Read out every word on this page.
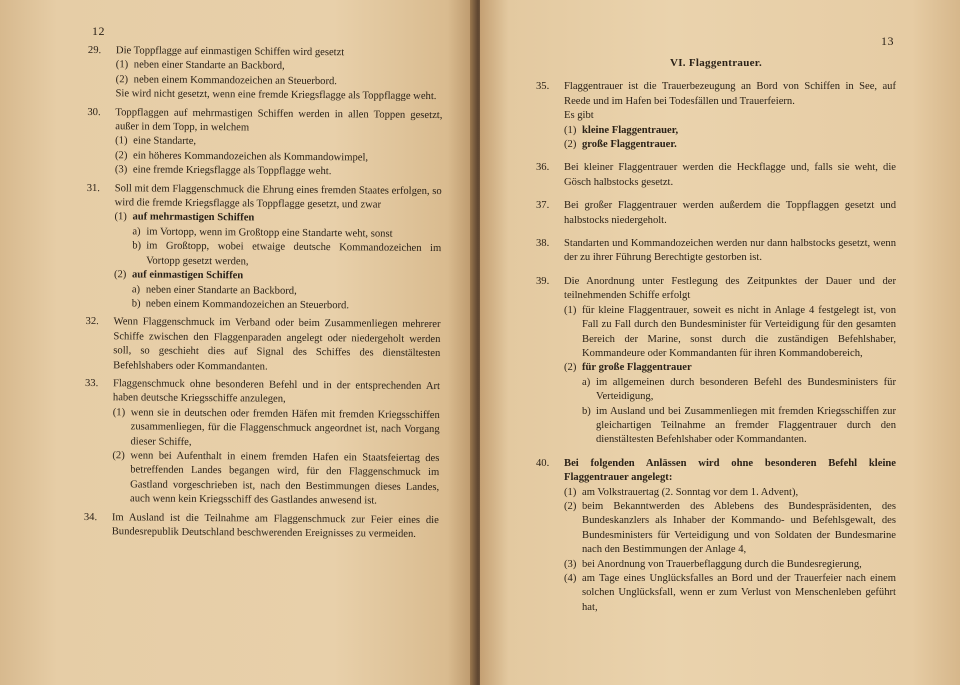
12
29.	Die Toppflagge auf einmastigen Schiffen wird gesetzt
(1) neben einer Standarte an Backbord,
(2) neben einem Kommandozeichen an Steuerbord.
Sie wird nicht gesetzt, wenn eine fremde Kriegsflagge als Toppflagge weht.
30.	Toppflaggen auf mehrmastigen Schiffen werden in allen Toppen gesetzt, außer in dem Topp, in welchem
(1) eine Standarte,
(2) ein höheres Kommandozeichen als Kommandowimpel,
(3) eine fremde Kriegsflagge als Toppflagge weht.
31.	Soll mit dem Flaggenschmuck die Ehrung eines fremden Staates erfolgen, so wird die fremde Kriegsflagge als Toppflagge gesetzt, und zwar
(1) auf mehrmastigen Schiffen
a) im Vortopp, wenn im Großtopp eine Standarte weht, sonst
b) im Großtopp, wobei etwaige deutsche Kommandozeichen im Vortopp gesetzt werden,
(2) auf einmastigen Schiffen
a) neben einer Standarte an Backbord,
b) neben einem Kommandozeichen an Steuerbord.
32.	Wenn Flaggenschmuck im Verband oder beim Zusammenliegen mehrerer Schiffe zwischen den Flaggenparaden angelegt oder niedergeholt werden soll, so geschieht dies auf Signal des Schiffes des dienstältesten Befehlshabers oder Kommandanten.
33.	Flaggenschmuck ohne besonderen Befehl und in der entsprechenden Art haben deutsche Kriegsschiffe anzulegen,
(1) wenn sie in deutschen oder fremden Häfen mit fremden Kriegsschiffen zusammenliegen, für die Flaggenschmuck angeordnet ist, nach Vorgang dieser Schiffe,
(2) wenn bei Aufenthalt in einem fremden Hafen ein Staatsfeiertag des betreffenden Landes begangen wird, für den Flaggenschmuck im Gastland vorgeschrieben ist, nach den Bestimmungen dieses Landes, auch wenn kein Kriegsschiff des Gastlandes anwesend ist.
34.	Im Ausland ist die Teilnahme am Flaggenschmuck zur Feier eines die Bundesrepublik Deutschland beschwerenden Ereignisses zu vermeiden.
13
VI. Flaggentrauer.
35.	Flaggentrauer ist die Trauerbezeugung an Bord von Schiffen in See, auf Reede und im Hafen bei Todesfällen und Trauerfeiern.
Es gibt
(1) kleine Flaggentrauer,
(2) große Flaggentrauer.
36.	Bei kleiner Flaggentrauer werden die Heckflagge und, falls sie weht, die Gösch halbstocks gesetzt.
37.	Bei großer Flaggentrauer werden außerdem die Toppflaggen gesetzt und halbstocks niedergeholt.
38.	Standarten und Kommandozeichen werden nur dann halbstocks gesetzt, wenn der zu ihrer Führung Berechtigte gestorben ist.
39.	Die Anordnung unter Festlegung des Zeitpunktes der Dauer und der teilnehmenden Schiffe erfolgt
(1) für kleine Flaggentrauer, soweit es nicht in Anlage 4 festgelegt ist, von Fall zu Fall durch den Bundesminister für Verteidigung für den gesamten Bereich der Marine, sonst durch die zuständigen Befehlshaber, Kommandeure oder Kommandanten für ihren Kommandobereich,
(2) für große Flaggentrauer
a) im allgemeinen durch besonderen Befehl des Bundesministers für Verteidigung,
b) im Ausland und bei Zusammenliegen mit fremden Kriegsschiffen zur gleichartigen Teilnahme an fremder Flaggentrauer durch den dienstältesten Befehlshaber oder Kommandanten.
40.	Bei folgenden Anlässen wird ohne besonderen Befehl kleine Flaggentrauer angelegt:
(1) am Volkstrauertag (2. Sonntag vor dem 1. Advent),
(2) beim Bekanntwerden des Ablebens des Bundespräsidenten, des Bundeskanzlers als Inhaber der Kommando- und Befehlsgewalt, des Bundesministers für Verteidigung und von Soldaten der Bundesmarine nach den Bestimmungen der Anlage 4,
(3) bei Anordnung von Trauerbeflaggung durch die Bundesregierung,
(4) am Tage eines Unglücksfalles an Bord und der Trauerfeier nach einem solchen Unglücksfall, wenn er zum Verlust von Menschenleben geführt hat,
